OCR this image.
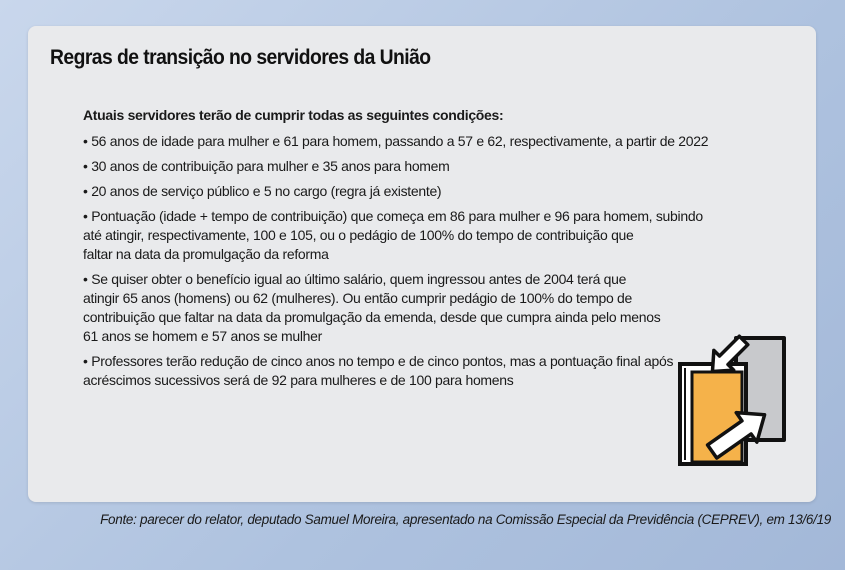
Regras de transição no servidores da União
Atuais servidores terão de cumprir todas as seguintes condições:
• 56 anos de idade para mulher e 61 para homem, passando a 57 e 62, respectivamente, a partir de 2022
• 30 anos de contribuição para mulher e 35 anos para homem
• 20 anos de serviço público e 5 no cargo (regra já existente)
• Pontuação (idade + tempo de contribuição) que começa em 86 para mulher e 96 para homem, subindo
até atingir, respectivamente, 100 e 105, ou o pedágio de 100% do tempo de contribuição que
faltar na data da promulgação da reforma
• Se quiser obter o benefício igual ao último salário, quem ingressou antes de 2004 terá que
atingir 65 anos (homens) ou 62 (mulheres). Ou então cumprir pedágio de 100% do tempo de
contribuição que faltar na data da promulgação da emenda, desde que cumpra ainda pelo menos
61 anos se homem e 57 anos se mulher
• Professores terão redução de cinco anos no tempo e de cinco pontos, mas a pontuação final após
acréscimos sucessivos será de 92 para mulheres e de 100 para homens
Fonte: parecer do relator, deputado Samuel Moreira, apresentado na Comissão Especial da Previdência (CEPREV), em 13/6/19
